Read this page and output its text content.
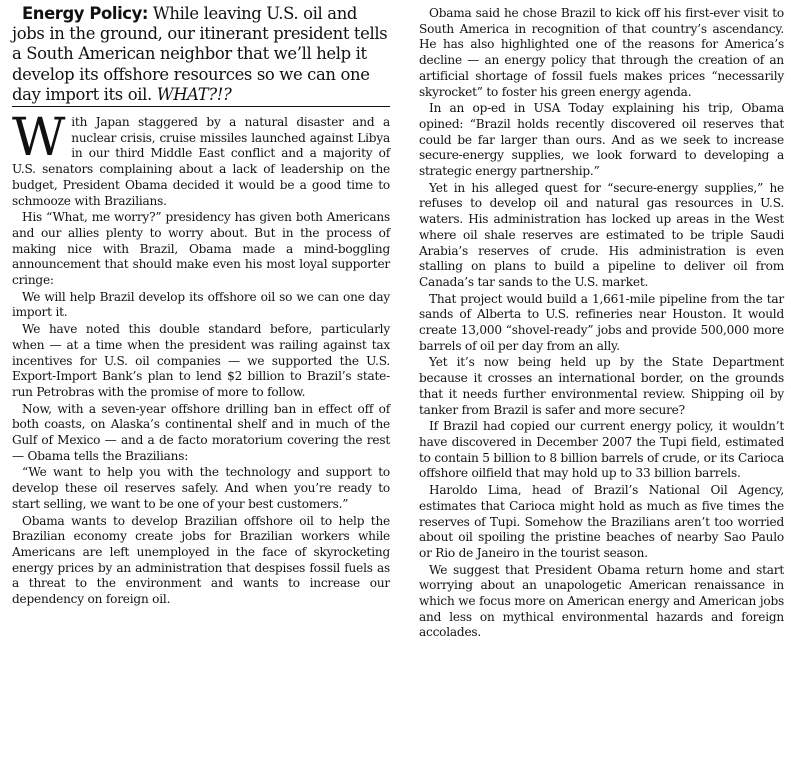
Energy Policy: While leaving U.S. oil and jobs in the ground, our itinerant president tells a South American neighbor that we’ll help it develop its offshore resources so we can one day import its oil. WHAT?!?

With Japan staggered by a natural disaster and a nuclear crisis, cruise missiles launched against Libya in our third Middle East conflict and a majority of U.S. senators complaining about a lack of leadership on the budget, President Obama decided it would be a good time to schmooze with Brazilians.

His “What, me worry?” presidency has given both Americans and our allies plenty to worry about. But in the process of making nice with Brazil, Obama made a mind-boggling announcement that should make even his most loyal supporter cringe:

We will help Brazil develop its offshore oil so we can one day import it.

We have noted this double standard before, particularly when — at a time when the president was railing against tax incentives for U.S. oil companies — we supported the U.S. Export-Import Bank’s plan to lend $2 billion to Brazil’s state-run Petrobras with the promise of more to follow.

Now, with a seven-year offshore drilling ban in effect off of both coasts, on Alaska’s continental shelf and in much of the Gulf of Mexico — and a de facto moratorium covering the rest — Obama tells the Brazilians:

“We want to help you with the technology and support to develop these oil reserves safely. And when you’re ready to start selling, we want to be one of your best customers.”

Obama wants to develop Brazilian offshore oil to help the Brazilian economy create jobs for Brazilian workers while Americans are left unemployed in the face of skyrocketing energy prices by an administration that despises fossil fuels as a threat to the environment and wants to increase our dependency on foreign oil.

Obama said he chose Brazil to kick off his first-ever visit to South America in recognition of that country’s ascendancy. He has also highlighted one of the reasons for America’s decline — an energy policy that through the creation of an artificial shortage of fossil fuels makes prices “necessarily skyrocket” to foster his green energy agenda.

In an op-ed in USA Today explaining his trip, Obama opined: “Brazil holds recently discovered oil reserves that could be far larger than ours. And as we seek to increase secure-energy supplies, we look forward to developing a strategic energy partnership.”

Yet in his alleged quest for “secure-energy supplies,” he refuses to develop oil and natural gas resources in U.S. waters. His administration has locked up areas in the West where oil shale reserves are estimated to be triple Saudi Arabia’s reserves of crude. His administration is even stalling on plans to build a pipeline to deliver oil from Canada’s tar sands to the U.S. market.

That project would build a 1,661-mile pipeline from the tar sands of Alberta to U.S. refineries near Houston. It would create 13,000 “shovel-ready” jobs and provide 500,000 more barrels of oil per day from an ally.

Yet it’s now being held up by the State Department because it crosses an international border, on the grounds that it needs further environmental review. Shipping oil by tanker from Brazil is safer and more secure?

If Brazil had copied our current energy policy, it wouldn’t have discovered in December 2007 the Tupi field, estimated to contain 5 billion to 8 billion barrels of crude, or its Carioca offshore oilfield that may hold up to 33 billion barrels.

Haroldo Lima, head of Brazil’s National Oil Agency, estimates that Carioca might hold as much as five times the reserves of Tupi. Somehow the Brazilians aren’t too worried about oil spoiling the pristine beaches of nearby Sao Paulo or Rio de Janeiro in the tourist season.

We suggest that President Obama return home and start worrying about an unapologetic American renaissance in which we focus more on American energy and American jobs and less on mythical environmental hazards and foreign accolades.
